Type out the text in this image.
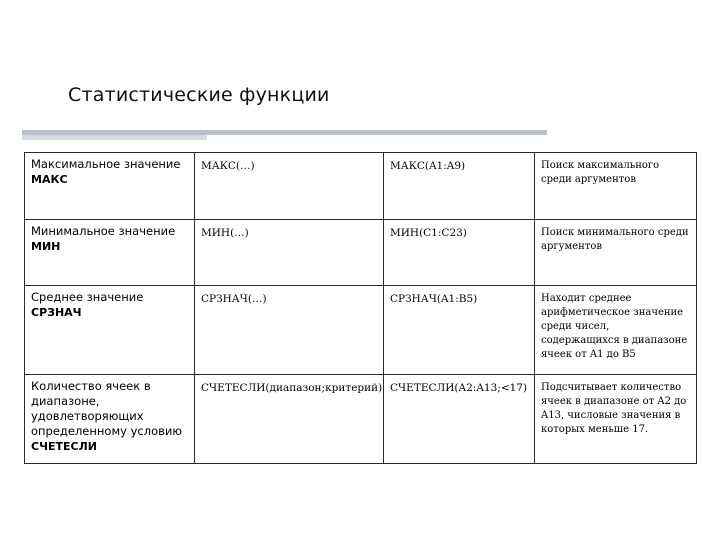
Статистические функции
Максимальное значение
МАКС	МАКС(…)	МАКС(A1:A9)	Поиск максимального среди аргументов

Минимальное значение
МИН	МИН(…)	МИН(C1:C23)	Поиск минимального среди аргументов

Среднее значение
СРЗНАЧ	СРЗНАЧ(…)	СРЗНАЧ(A1:B5)	Находит среднее арифметическое значение среди чисел, содержащихся в диапазоне ячеек от A1 до B5

Количество ячеек в диапазоне, удовлетворяющих определенному условию
СЧЕТЕСЛИ	СЧЕТЕСЛИ(диапазон;критерий)	СЧЕТЕСЛИ(A2:A13;<17)	Подсчитывает количество ячеек в диапазоне от A2 до A13, числовые значения в которых меньше 17.
